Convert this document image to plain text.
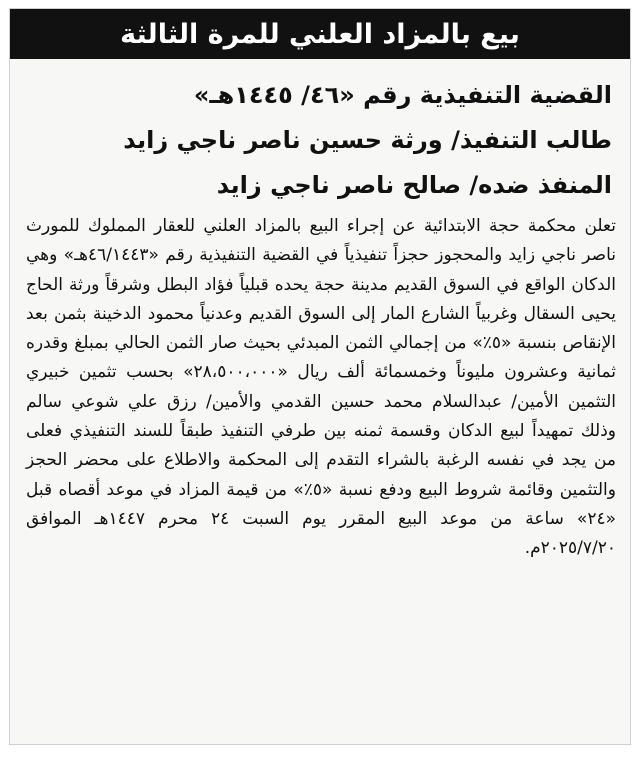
بيع بالمزاد العلني للمرة الثالثة
القضية التنفيذية رقم «٤٦/ ١٤٤٥هـ»
طالب التنفيذ/ ورثة حسين ناصر ناجي زايد
المنفذ ضده/ صالح ناصر ناجي زايد
تعلن محكمة حجة الابتدائية عن إجراء البيع بالمزاد العلني للعقار المملوك للمورث ناصر ناجي زايد والمحجوز حجزاً تنفيذياً في القضية التنفيذية رقم «٤٦/١٤٤٣هـ» وهي الدكان الواقع في السوق القديم مدينة حجة يحده قبلياً فؤاد البطل وشرقاً ورثة الحاج يحيى السقال وغربياً الشارع المار إلى السوق القديم وعدنياً محمود الدخينة بثمن بعد الإنقاص بنسبة «٥٪» من إجمالي الثمن المبدئي بحيث صار الثمن الحالي بمبلغ وقدره ثمانية وعشرون مليوناً وخمسمائة ألف ريال «٢٨،٥٠٠،٠٠٠» بحسب تثمين خبيري التثمين الأمين/ عبدالسلام محمد حسين القدمي والأمين/ رزق علي شوعي سالم وذلك تمهيداً لبيع الدكان وقسمة ثمنه بين طرفي التنفيذ طبقاً للسند التنفيذي فعلى من يجد في نفسه الرغبة بالشراء التقدم إلى المحكمة والاطلاع على محضر الحجز والتثمين وقائمة شروط البيع ودفع نسبة «٥٪» من قيمة المزاد في موعد أقصاه قبل «٢٤» ساعة من موعد البيع المقرر يوم السبت ٢٤ محرم ١٤٤٧هـ الموافق ٢٠٢٥/٧/٢٠م.
